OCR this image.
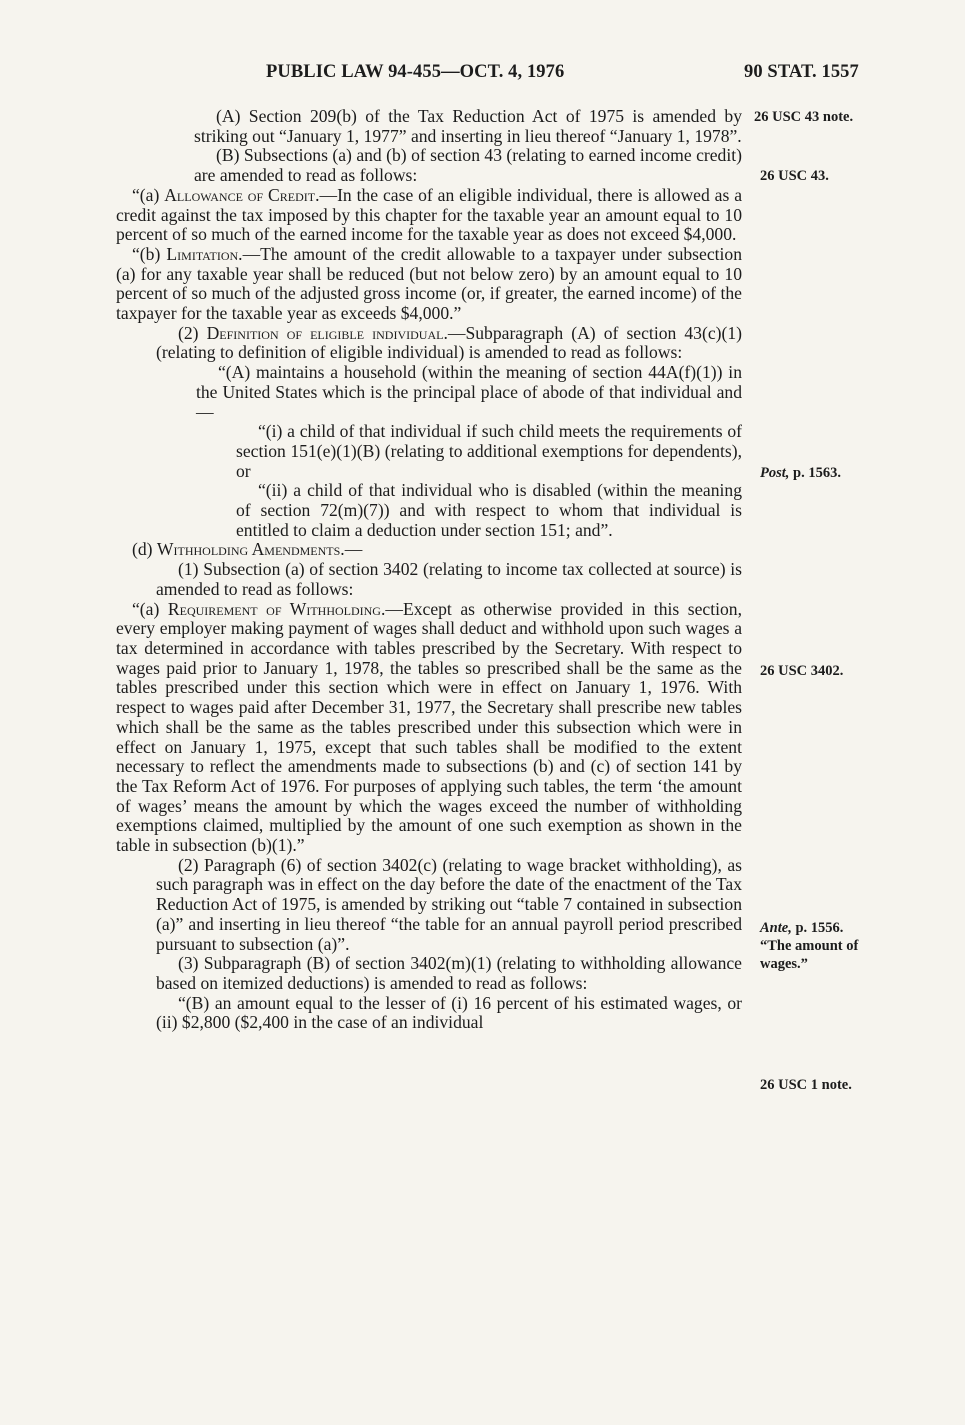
PUBLIC LAW 94-455—OCT. 4, 1976	90 STAT. 1557

(A) Section 209(b) of the Tax Reduction Act of 1975 is amended by striking out “January 1, 1977” and inserting in lieu thereof “January 1, 1978”.

(B) Subsections (a) and (b) of section 43 (relating to earned income credit) are amended to read as follows:

“(a) Allowance of Credit.—In the case of an eligible individual, there is allowed as a credit against the tax imposed by this chapter for the taxable year an amount equal to 10 percent of so much of the earned income for the taxable year as does not exceed $4,000.

“(b) Limitation.—The amount of the credit allowable to a taxpayer under subsection (a) for any taxable year shall be reduced (but not below zero) by an amount equal to 10 percent of so much of the adjusted gross income (or, if greater, the earned income) of the taxpayer for the taxable year as exceeds $4,000.”

(2) Definition of eligible individual.—Subparagraph (A) of section 43(c)(1) (relating to definition of eligible individual) is amended to read as follows:

“(A) maintains a household (within the meaning of section 44A(f)(1)) in the United States which is the principal place of abode of that individual and—

“(i) a child of that individual if such child meets the requirements of section 151(e)(1)(B) (relating to additional exemptions for dependents), or

“(ii) a child of that individual who is disabled (within the meaning of section 72(m)(7)) and with respect to whom that individual is entitled to claim a deduction under section 151; and”.

(d) Withholding Amendments.—

(1) Subsection (a) of section 3402 (relating to income tax collected at source) is amended to read as follows:

“(a) Requirement of Withholding.—Except as otherwise provided in this section, every employer making payment of wages shall deduct and withhold upon such wages a tax determined in accordance with tables prescribed by the Secretary. With respect to wages paid prior to January 1, 1978, the tables so prescribed shall be the same as the tables prescribed under this section which were in effect on January 1, 1976. With respect to wages paid after December 31, 1977, the Secretary shall prescribe new tables which shall be the same as the tables prescribed under this subsection which were in effect on January 1, 1975, except that such tables shall be modified to the extent necessary to reflect the amendments made to subsections (b) and (c) of section 141 by the Tax Reform Act of 1976. For purposes of applying such tables, the term ‘the amount of wages’ means the amount by which the wages exceed the number of withholding exemptions claimed, multiplied by the amount of one such exemption as shown in the table in subsection (b)(1).”

(2) Paragraph (6) of section 3402(c) (relating to wage bracket withholding), as such paragraph was in effect on the day before the date of the enactment of the Tax Reduction Act of 1975, is amended by striking out “table 7 contained in subsection (a)” and inserting in lieu thereof “the table for an annual payroll period prescribed pursuant to subsection (a)”.

(3) Subparagraph (B) of section 3402(m)(1) (relating to withholding allowance based on itemized deductions) is amended to read as follows:

“(B) an amount equal to the lesser of (i) 16 percent of his estimated wages, or (ii) $2,800 ($2,400 in the case of an individual

26 USC 43 note.
26 USC 43.
Post, p. 1563.
26 USC 3402.
Ante, p. 1556.
“The amount of wages.”
26 USC 1 note.
